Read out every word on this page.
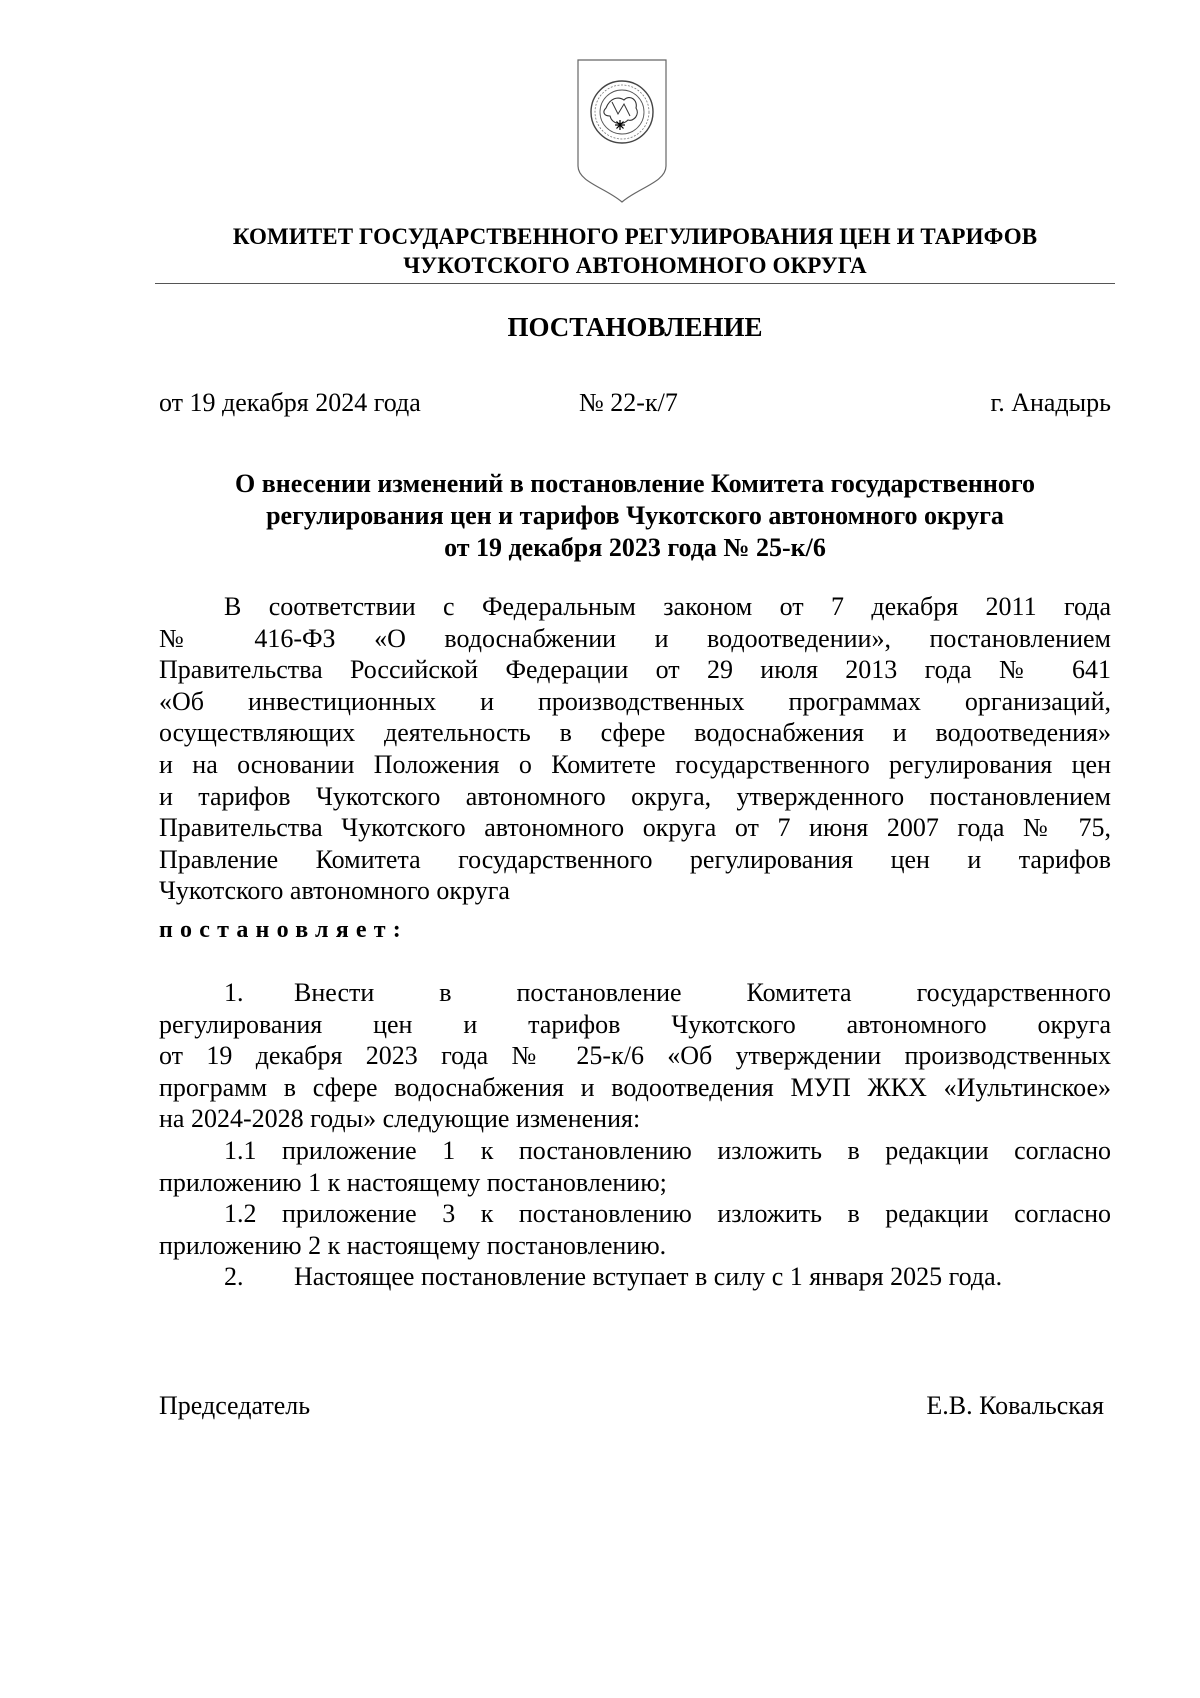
КОМИТЕТ ГОСУДАРСТВЕННОГО РЕГУЛИРОВАНИЯ ЦЕН И ТАРИФОВ
ЧУКОТСКОГО АВТОНОМНОГО ОКРУГА
ПОСТАНОВЛЕНИЕ
от 19 декабря 2024 года	№ 22-к/7	г. Анадырь
О внесении изменений в постановление Комитета государственного
регулирования цен и тарифов Чукотского автономного округа
от 19 декабря 2023 года № 25-к/6
В соответствии с Федеральным законом от 7 декабря 2011 года
№ 416-ФЗ «О водоснабжении и водоотведении», постановлением
Правительства Российской Федерации от 29 июля 2013 года № 641
«Об инвестиционных и производственных программах организаций,
осуществляющих деятельность в сфере водоснабжения и водоотведения»
и на основании Положения о Комитете государственного регулирования цен
и тарифов Чукотского автономного округа, утвержденного постановлением
Правительства Чукотского автономного округа от 7 июня 2007 года № 75,
Правление Комитета государственного регулирования цен и тарифов
Чукотского автономного округа
постановляет:
1.	Внести в постановление Комитета государственного
регулирования цен и тарифов Чукотского автономного округа
от 19 декабря 2023 года № 25-к/6 «Об утверждении производственных
программ в сфере водоснабжения и водоотведения МУП ЖКХ «Иультинское»
на 2024-2028 годы» следующие изменения:
1.1 приложение 1 к постановлению изложить в редакции согласно
приложению 1 к настоящему постановлению;
1.2 приложение 3 к постановлению изложить в редакции согласно
приложению 2 к настоящему постановлению.
2. Настоящее постановление вступает в силу с 1 января 2025 года.
Председатель	Е.В. Ковальская
